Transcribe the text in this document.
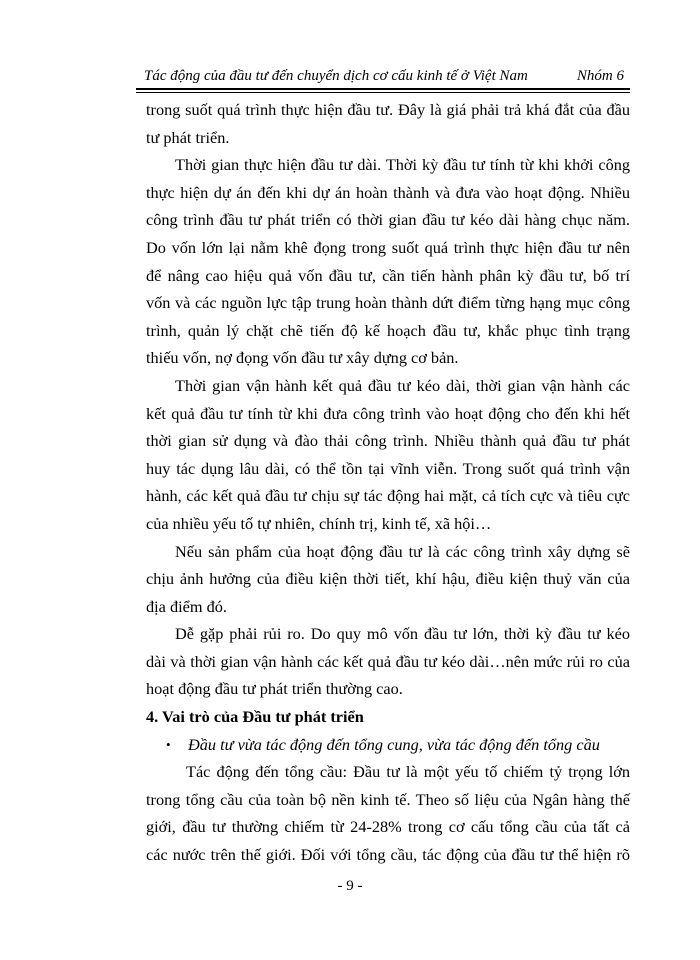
Tác động của đầu tư đến chuyển dịch cơ cấu kinh tế ở Việt Nam	Nhóm 6
trong suốt quá trình thực hiện đầu tư. Đây là giá phải trả khá đắt của đầu
tư phát triển.
Thời gian thực hiện đầu tư dài. Thời kỳ đầu tư tính từ khi khởi công
thực hiện dự án đến khi dự án hoàn thành và đưa vào hoạt động. Nhiều
công trình đầu tư phát triển có thời gian đầu tư kéo dài hàng chục năm.
Do vốn lớn lại nằm khê đọng trong suốt quá trình thực hiện đầu tư nên
để nâng cao hiệu quả vốn đầu tư, cần tiến hành phân kỳ đầu tư, bố trí
vốn và các nguồn lực tập trung hoàn thành dứt điểm từng hạng mục công
trình, quản lý chặt chẽ tiến độ kế hoạch đầu tư, khắc phục tình trạng
thiếu vốn, nợ đọng vốn đầu tư xây dựng cơ bản.
Thời gian vận hành kết quả đầu tư kéo dài, thời gian vận hành các
kết quả đầu tư tính từ khi đưa công trình vào hoạt động cho đến khi hết
thời gian sử dụng và đào thải công trình. Nhiều thành quả đầu tư phát
huy tác dụng lâu dài, có thể tồn tại vĩnh viễn. Trong suốt quá trình vận
hành, các kết quả đầu tư chịu sự tác động hai mặt, cả tích cực và tiêu cực
của nhiều yếu tố tự nhiên, chính trị, kinh tế, xã hội…
Nếu sản phẩm của hoạt động đầu tư là các công trình xây dựng sẽ
chịu ảnh hưởng của điều kiện thời tiết, khí hậu, điều kiện thuỷ văn của
địa điểm đó.
Dễ gặp phải rủi ro. Do quy mô vốn đầu tư lớn, thời kỳ đầu tư kéo
dài và thời gian vận hành các kết quả đầu tư kéo dài…nên mức rủi ro của
hoạt động đầu tư phát triển thường cao.
4. Vai trò của Đầu tư phát triển
• Đầu tư vừa tác động đến tổng cung, vừa tác động đến tổng cầu
Tác động đến tổng cầu: Đầu tư là một yếu tố chiếm tỷ trọng lớn
trong tổng cầu của toàn bộ nền kinh tế. Theo số liệu của Ngân hàng thế
giới, đầu tư thường chiếm từ 24-28% trong cơ cấu tổng cầu của tất cả
các nước trên thế giới. Đối với tổng cầu, tác động của đầu tư thể hiện rõ
- 9 -
